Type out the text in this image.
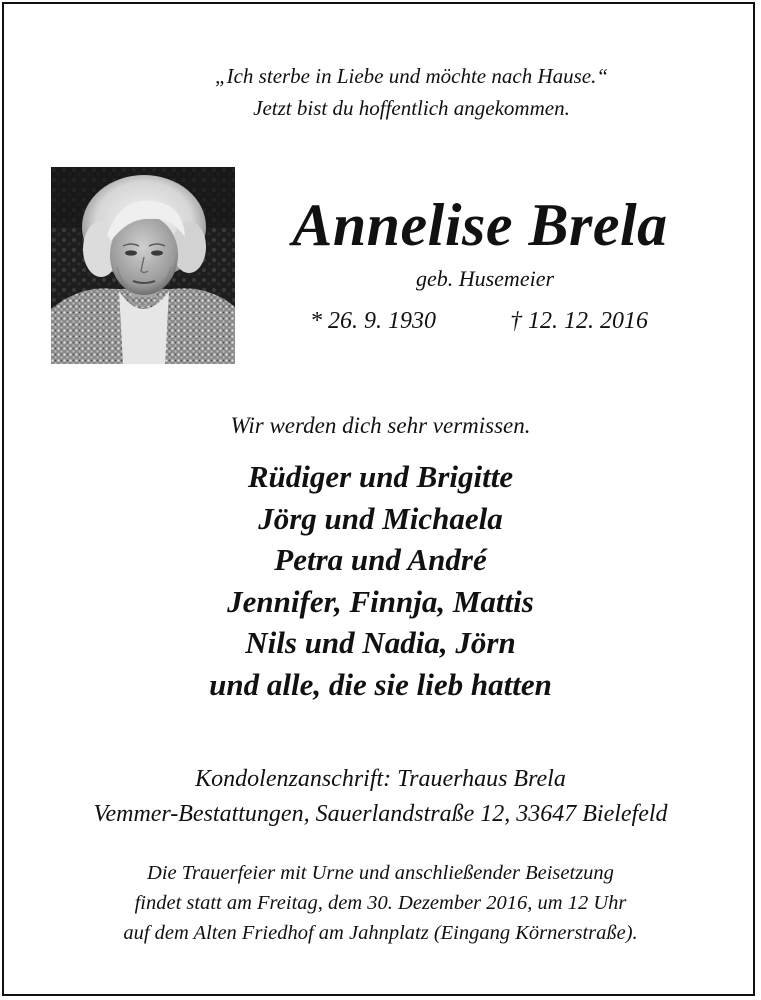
„Ich sterbe in Liebe und möchte nach Hause.“
Jetzt bist du hoffentlich angekommen.
Annelise Brela
geb. Husemeier
* 26. 9. 1930	† 12. 12. 2016
Wir werden dich sehr vermissen.
Rüdiger und Brigitte
Jörg und Michaela
Petra und André
Jennifer, Finnja, Mattis
Nils und Nadia, Jörn
und alle, die sie lieb hatten
Kondolenzanschrift: Trauerhaus Brela
Vemmer-Bestattungen, Sauerlandstraße 12, 33647 Bielefeld
Die Trauerfeier mit Urne und anschließender Beisetzung
findet statt am Freitag, dem 30. Dezember 2016, um 12 Uhr
auf dem Alten Friedhof am Jahnplatz (Eingang Körnerstraße).
